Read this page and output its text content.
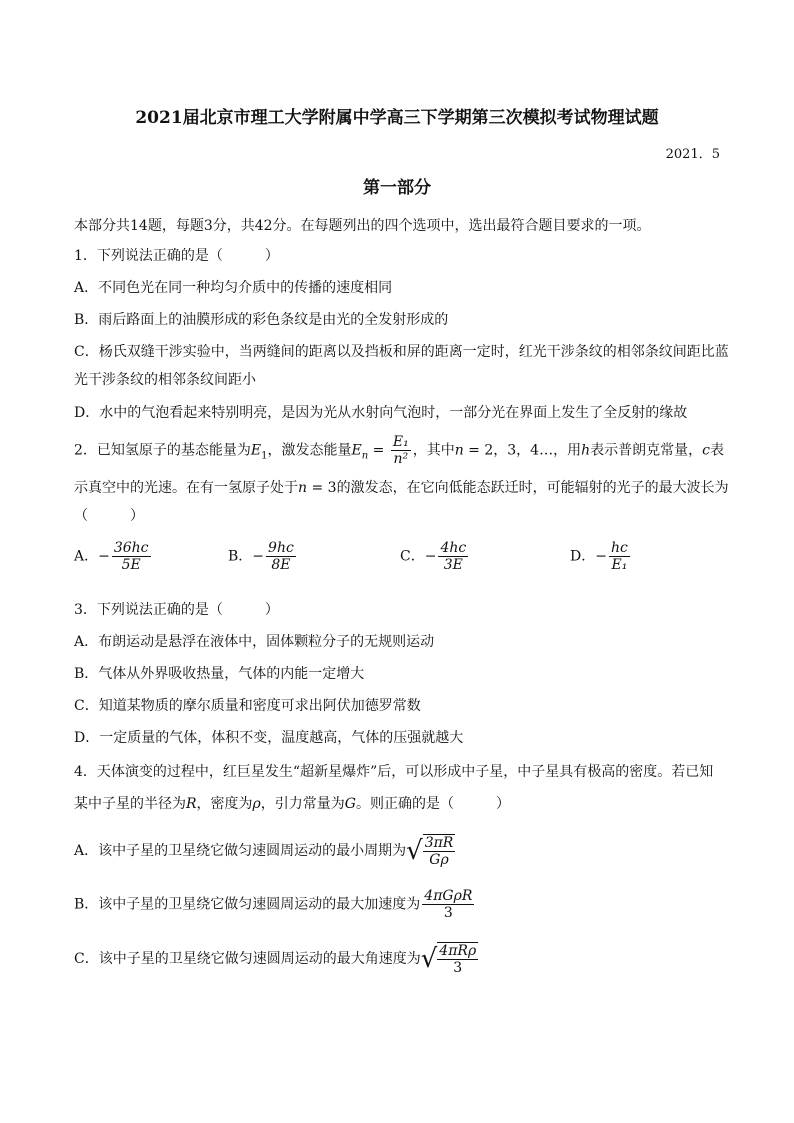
2021届北京市理工大学附属中学高三下学期第三次模拟考试物理试题
2021．5
第一部分
本部分共14题，每题3分，共42分。在每题列出的四个选项中，选出最符合题目要求的一项。
1．下列说法正确的是（　　　）
A．不同色光在同一种均匀介质中的传播的速度相同
B．雨后路面上的油膜形成的彩色条纹是由光的全发射形成的
C．杨氏双缝干涉实验中，当两缝间的距离以及挡板和屏的距离一定时，红光干涉条纹的相邻条纹间距比蓝
光干涉条纹的相邻条纹间距小
D．水中的气泡看起来特别明亮，是因为光从水射向气泡时，一部分光在界面上发生了全反射的缘故
2．已知氢原子的基态能量为$E_1$，激发态能量$E_n = \frac{\text{E₁}}{\text{n²}}$ ，其中n = 2，3，4…，用h表示普朗克常量，c表
示真空中的光速。在有一氢原子处于n = 3的激发态，在它向低能态跃迁时，可能辐射的光子的最大波长为
（　　　）
A．− $\frac{36hc}{5E}$	B．− $\frac{9hc}{8E}$	C．− $\frac{4hc}{3E}$	D．− $\frac{hc}{\text{E₁}}$
3．下列说法正确的是（　　　）
A．布朗运动是悬浮在液体中，固体颗粒分子的无规则运动
B．气体从外界吸收热量，气体的内能一定增大
C．知道某物质的摩尔质量和密度可求出阿伏加德罗常数
D．一定质量的气体，体积不变，温度越高，气体的压强就越大
4．天体演变的过程中，红巨星发生“超新星爆炸”后，可以形成中子星，中子星具有极高的密度。若已知
某中子星的半径为R，密度为ρ，引力常量为G。则正确的是（　　　）
A．该中子星的卫星绕它做匀速圆周运动的最小周期为√ $\frac{3\pi R}{G\rho}$
B．该中子星的卫星绕它做匀速圆周运动的最大加速度为 $\frac{\text{4πGρR}}{3}$
C．该中子星的卫星绕它做匀速圆周运动的最大角速度为√ $\frac{\text{4πRρ}}{3}$
